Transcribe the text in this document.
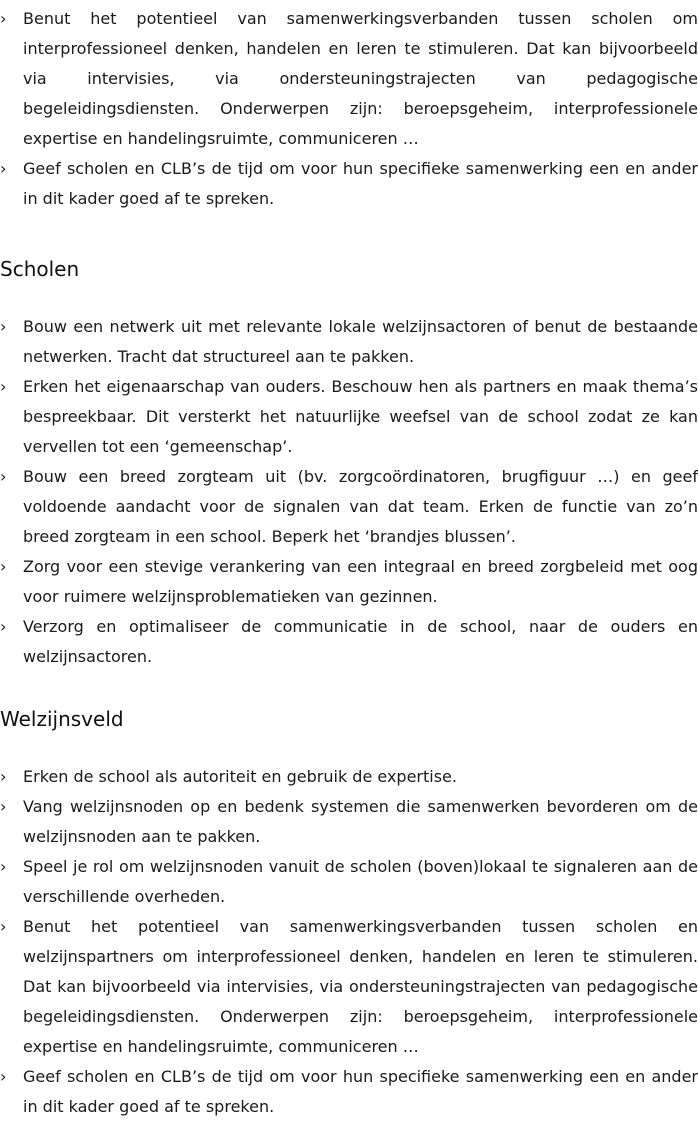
›	Benut het potentieel van samenwerkingsverbanden tussen scholen om interprofessioneel denken, handelen en leren te stimuleren. Dat kan bijvoorbeeld via intervisies, via ondersteuningstrajecten van pedagogische begeleidingsdiensten. Onderwerpen zijn: beroepsgeheim, interprofessionele expertise en handelingsruimte, communiceren …
›	Geef scholen en CLB’s de tijd om voor hun specifieke samenwerking een en ander in dit kader goed af te spreken.
Scholen
›	Bouw een netwerk uit met relevante lokale welzijnsactoren of benut de bestaande netwerken. Tracht dat structureel aan te pakken.
›	Erken het eigenaarschap van ouders. Beschouw hen als partners en maak thema’s bespreekbaar. Dit versterkt het natuurlijke weefsel van de school zodat ze kan vervellen tot een ‘gemeenschap’.
›	Bouw een breed zorgteam uit (bv. zorgcoördinatoren, brugfiguur …) en geef voldoende aandacht voor de signalen van dat team. Erken de functie van zo’n breed zorgteam in een school. Beperk het ‘brandjes blussen’.
›	Zorg voor een stevige verankering van een integraal en breed zorgbeleid met oog voor ruimere welzijnsproblematieken van gezinnen.
›	Verzorg en optimaliseer de communicatie in de school, naar de ouders en welzijnsactoren.
Welzijnsveld
›	Erken de school als autoriteit en gebruik de expertise.
›	Vang welzijnsnoden op en bedenk systemen die samenwerken bevorderen om de welzijnsnoden aan te pakken.
›	Speel je rol om welzijnsnoden vanuit de scholen (boven)lokaal te signaleren aan de verschillende overheden.
›	Benut het potentieel van samenwerkingsverbanden tussen scholen en welzijnspartners om interprofessioneel denken, handelen en leren te stimuleren. Dat kan bijvoorbeeld via intervisies, via ondersteuningstrajecten van pedagogische begeleidingsdiensten. Onderwerpen zijn: beroepsgeheim, interprofessionele expertise en handelingsruimte, communiceren …
›	Geef scholen en CLB’s de tijd om voor hun specifieke samenwerking een en ander in dit kader goed af te spreken.
